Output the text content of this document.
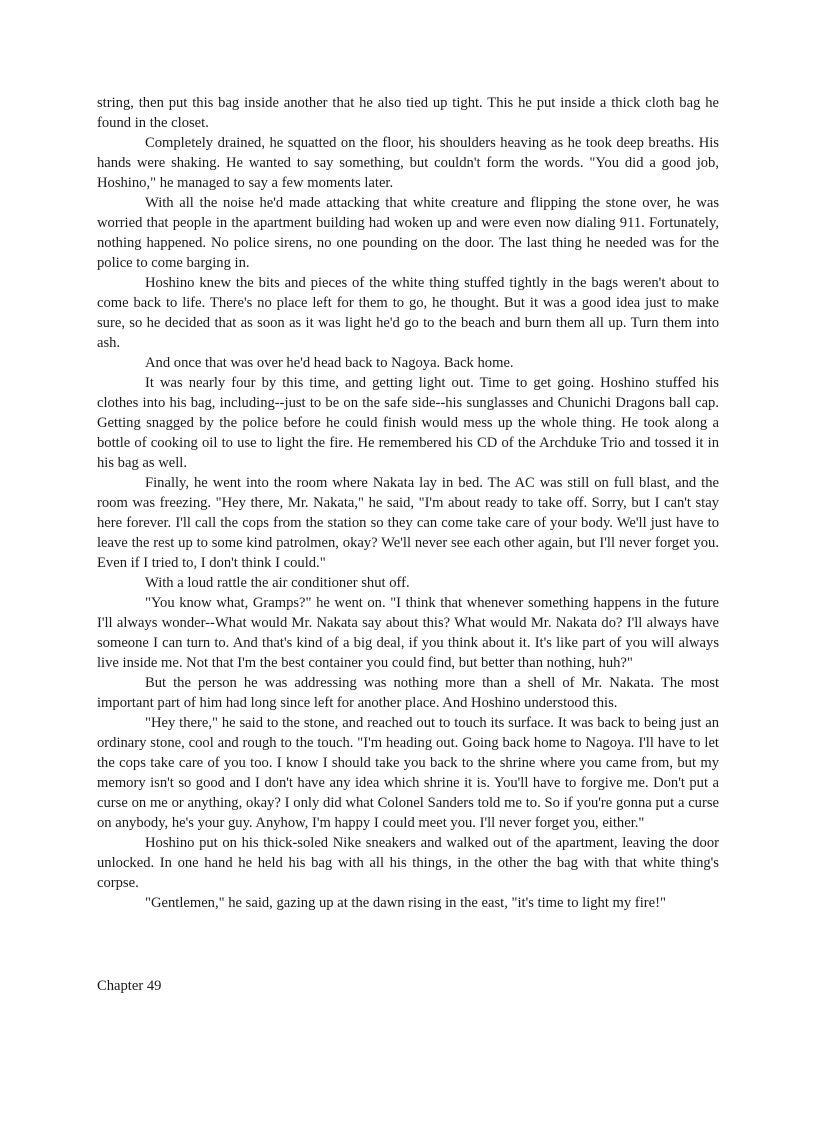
string, then put this bag inside another that he also tied up tight. This he put inside a thick cloth bag he found in the closet.

Completely drained, he squatted on the floor, his shoulders heaving as he took deep breaths. His hands were shaking. He wanted to say something, but couldn't form the words. "You did a good job, Hoshino," he managed to say a few moments later.

With all the noise he'd made attacking that white creature and flipping the stone over, he was worried that people in the apartment building had woken up and were even now dialing 911. Fortunately, nothing happened. No police sirens, no one pounding on the door. The last thing he needed was for the police to come barging in.

Hoshino knew the bits and pieces of the white thing stuffed tightly in the bags weren't about to come back to life. There's no place left for them to go, he thought. But it was a good idea just to make sure, so he decided that as soon as it was light he'd go to the beach and burn them all up. Turn them into ash.

And once that was over he'd head back to Nagoya. Back home.

It was nearly four by this time, and getting light out. Time to get going. Hoshino stuffed his clothes into his bag, including--just to be on the safe side--his sunglasses and Chunichi Dragons ball cap. Getting snagged by the police before he could finish would mess up the whole thing. He took along a bottle of cooking oil to use to light the fire. He remembered his CD of the Archduke Trio and tossed it in his bag as well.

Finally, he went into the room where Nakata lay in bed. The AC was still on full blast, and the room was freezing. "Hey there, Mr. Nakata," he said, "I'm about ready to take off. Sorry, but I can't stay here forever. I'll call the cops from the station so they can come take care of your body. We'll just have to leave the rest up to some kind patrolmen, okay? We'll never see each other again, but I'll never forget you. Even if I tried to, I don't think I could."

With a loud rattle the air conditioner shut off.

"You know what, Gramps?" he went on. "I think that whenever something happens in the future I'll always wonder--What would Mr. Nakata say about this? What would Mr. Nakata do? I'll always have someone I can turn to. And that's kind of a big deal, if you think about it. It's like part of you will always live inside me. Not that I'm the best container you could find, but better than nothing, huh?"

But the person he was addressing was nothing more than a shell of Mr. Nakata. The most important part of him had long since left for another place. And Hoshino understood this.

"Hey there," he said to the stone, and reached out to touch its surface. It was back to being just an ordinary stone, cool and rough to the touch. "I'm heading out. Going back home to Nagoya. I'll have to let the cops take care of you too. I know I should take you back to the shrine where you came from, but my memory isn't so good and I don't have any idea which shrine it is. You'll have to forgive me. Don't put a curse on me or anything, okay? I only did what Colonel Sanders told me to. So if you're gonna put a curse on anybody, he's your guy. Anyhow, I'm happy I could meet you. I'll never forget you, either."

Hoshino put on his thick-soled Nike sneakers and walked out of the apartment, leaving the door unlocked. In one hand he held his bag with all his things, in the other the bag with that white thing's corpse.

"Gentlemen," he said, gazing up at the dawn rising in the east, "it's time to light my fire!"

Chapter 49
